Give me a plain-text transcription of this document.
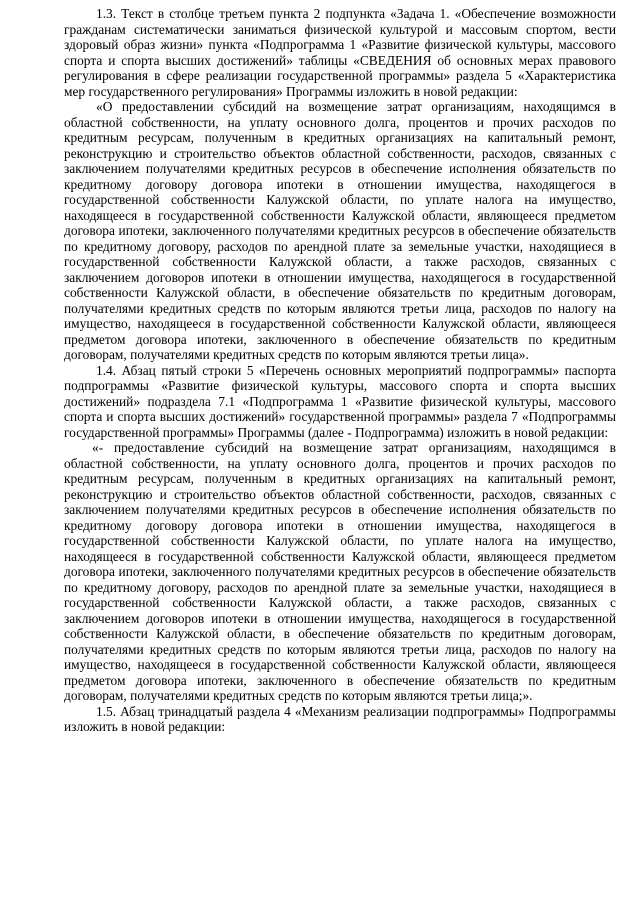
1.3. Текст в столбце третьем пункта 2 подпункта «Задача 1. «Обеспечение возможности гражданам систематически заниматься физической культурой и массовым спортом, вести здоровый образ жизни» пункта «Подпрограмма 1 «Развитие физической культуры, массового спорта и спорта высших достижений» таблицы «СВЕДЕНИЯ об основных мерах правового регулирования в сфере реализации государственной программы» раздела 5 «Характеристика мер государственного регулирования» Программы изложить в новой редакции:

«О предоставлении субсидий на возмещение затрат организациям, находящимся в областной собственности, на уплату основного долга, процентов и прочих расходов по кредитным ресурсам, полученным в кредитных организациях на капитальный ремонт, реконструкцию и строительство объектов областной собственности, расходов, связанных с заключением получателями кредитных ресурсов в обеспечение исполнения обязательств по кредитному договору договора ипотеки в отношении имущества, находящегося в государственной собственности Калужской области, по уплате налога на имущество, находящееся в государственной собственности Калужской области, являющееся предметом договора ипотеки, заключенного получателями кредитных ресурсов в обеспечение обязательств по кредитному договору, расходов по арендной плате за земельные участки, находящиеся в государственной собственности Калужской области, а также расходов, связанных с заключением договоров ипотеки в отношении имущества, находящегося в государственной собственности Калужской области, в обеспечение обязательств по кредитным договорам, получателями кредитных средств по которым являются третьи лица, расходов по налогу на имущество, находящееся в государственной собственности Калужской области, являющееся предметом договора ипотеки, заключенного в обеспечение обязательств по кредитным договорам, получателями кредитных средств по которым являются третьи лица».

1.4. Абзац пятый строки 5 «Перечень основных мероприятий подпрограммы» паспорта подпрограммы «Развитие физической культуры, массового спорта и спорта высших достижений» подраздела 7.1 «Подпрограмма 1 «Развитие физической культуры, массового спорта и спорта высших достижений» государственной программы» раздела 7 «Подпрограммы государственной программы» Программы (далее - Подпрограмма) изложить в новой редакции:

«- предоставление субсидий на возмещение затрат организациям, находящимся в областной собственности, на уплату основного долга, процентов и прочих расходов по кредитным ресурсам, полученным в кредитных организациях на капитальный ремонт, реконструкцию и строительство объектов областной собственности, расходов, связанных с заключением получателями кредитных ресурсов в обеспечение исполнения обязательств по кредитному договору договора ипотеки в отношении имущества, находящегося в государственной собственности Калужской области, по уплате налога на имущество, находящееся в государственной собственности Калужской области, являющееся предметом договора ипотеки, заключенного получателями кредитных ресурсов в обеспечение обязательств по кредитному договору, расходов по арендной плате за земельные участки, находящиеся в государственной собственности Калужской области, а также расходов, связанных с заключением договоров ипотеки в отношении имущества, находящегося в государственной собственности Калужской области, в обеспечение обязательств по кредитным договорам, получателями кредитных средств по которым являются третьи лица, расходов по налогу на имущество, находящееся в государственной собственности Калужской области, являющееся предметом договора ипотеки, заключенного в обеспечение обязательств по кредитным договорам, получателями кредитных средств по которым являются третьи лица;».

1.5. Абзац тринадцатый раздела 4 «Механизм реализации подпрограммы» Подпрограммы изложить в новой редакции:
